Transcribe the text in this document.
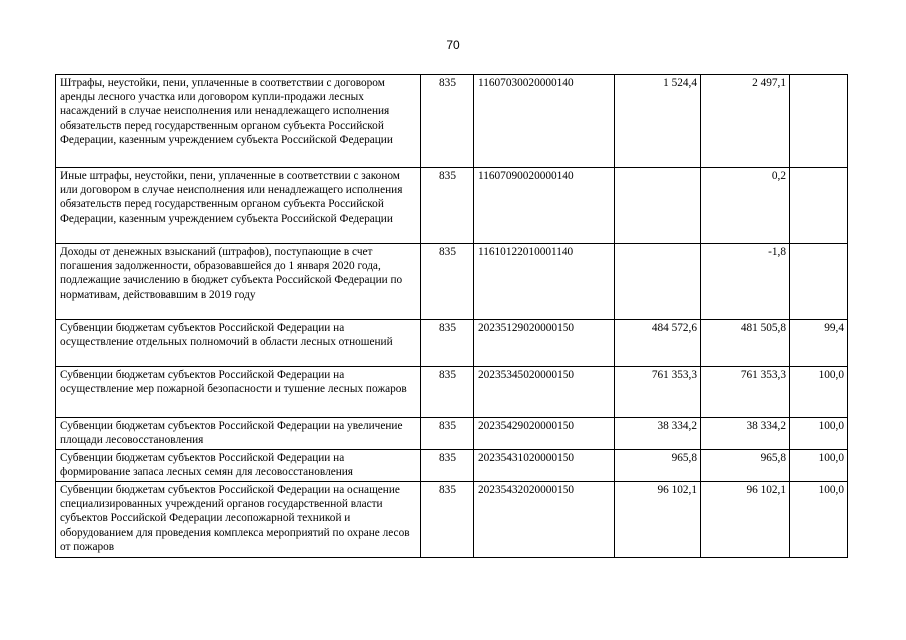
70
Штрафы, неустойки, пени, уплаченные в соответствии с договором аренды лесного участка или договором купли-продажи лесных насаждений в случае неисполнения или ненадлежащего исполнения обязательств перед государственным органом субъекта Российской Федерации, казенным учреждением субъекта Российской Федерации	835	11607030020000140	1 524,4	2 497,1	
Иные штрафы, неустойки, пени, уплаченные в соответствии с законом или договором в случае неисполнения или ненадлежащего исполнения обязательств перед государственным органом субъекта Российской Федерации, казенным учреждением субъекта Российской Федерации	835	11607090020000140		0,2	
Доходы от денежных взысканий (штрафов), поступающие в счет погашения задолженности, образовавшейся до 1 января 2020 года, подлежащие зачислению в бюджет субъекта Российской Федерации по нормативам, действовавшим в 2019 году	835	11610122010001140		-1,8	
Субвенции бюджетам субъектов Российской Федерации на осуществление отдельных полномочий в области лесных отношений	835	20235129020000150	484 572,6	481 505,8	99,4
Субвенции бюджетам субъектов Российской Федерации на осуществление мер пожарной безопасности и тушение лесных пожаров	835	20235345020000150	761 353,3	761 353,3	100,0
Субвенции бюджетам субъектов Российской Федерации на увеличение площади лесовосстановления	835	20235429020000150	38 334,2	38 334,2	100,0
Субвенции бюджетам субъектов Российской Федерации на формирование запаса лесных семян для лесовосстановления	835	20235431020000150	965,8	965,8	100,0
Субвенции бюджетам субъектов Российской Федерации на оснащение специализированных учреждений органов государственной власти субъектов Российской Федерации лесопожарной техникой и оборудованием для проведения комплекса мероприятий по охране лесов от пожаров	835	20235432020000150	96 102,1	96 102,1	100,0
